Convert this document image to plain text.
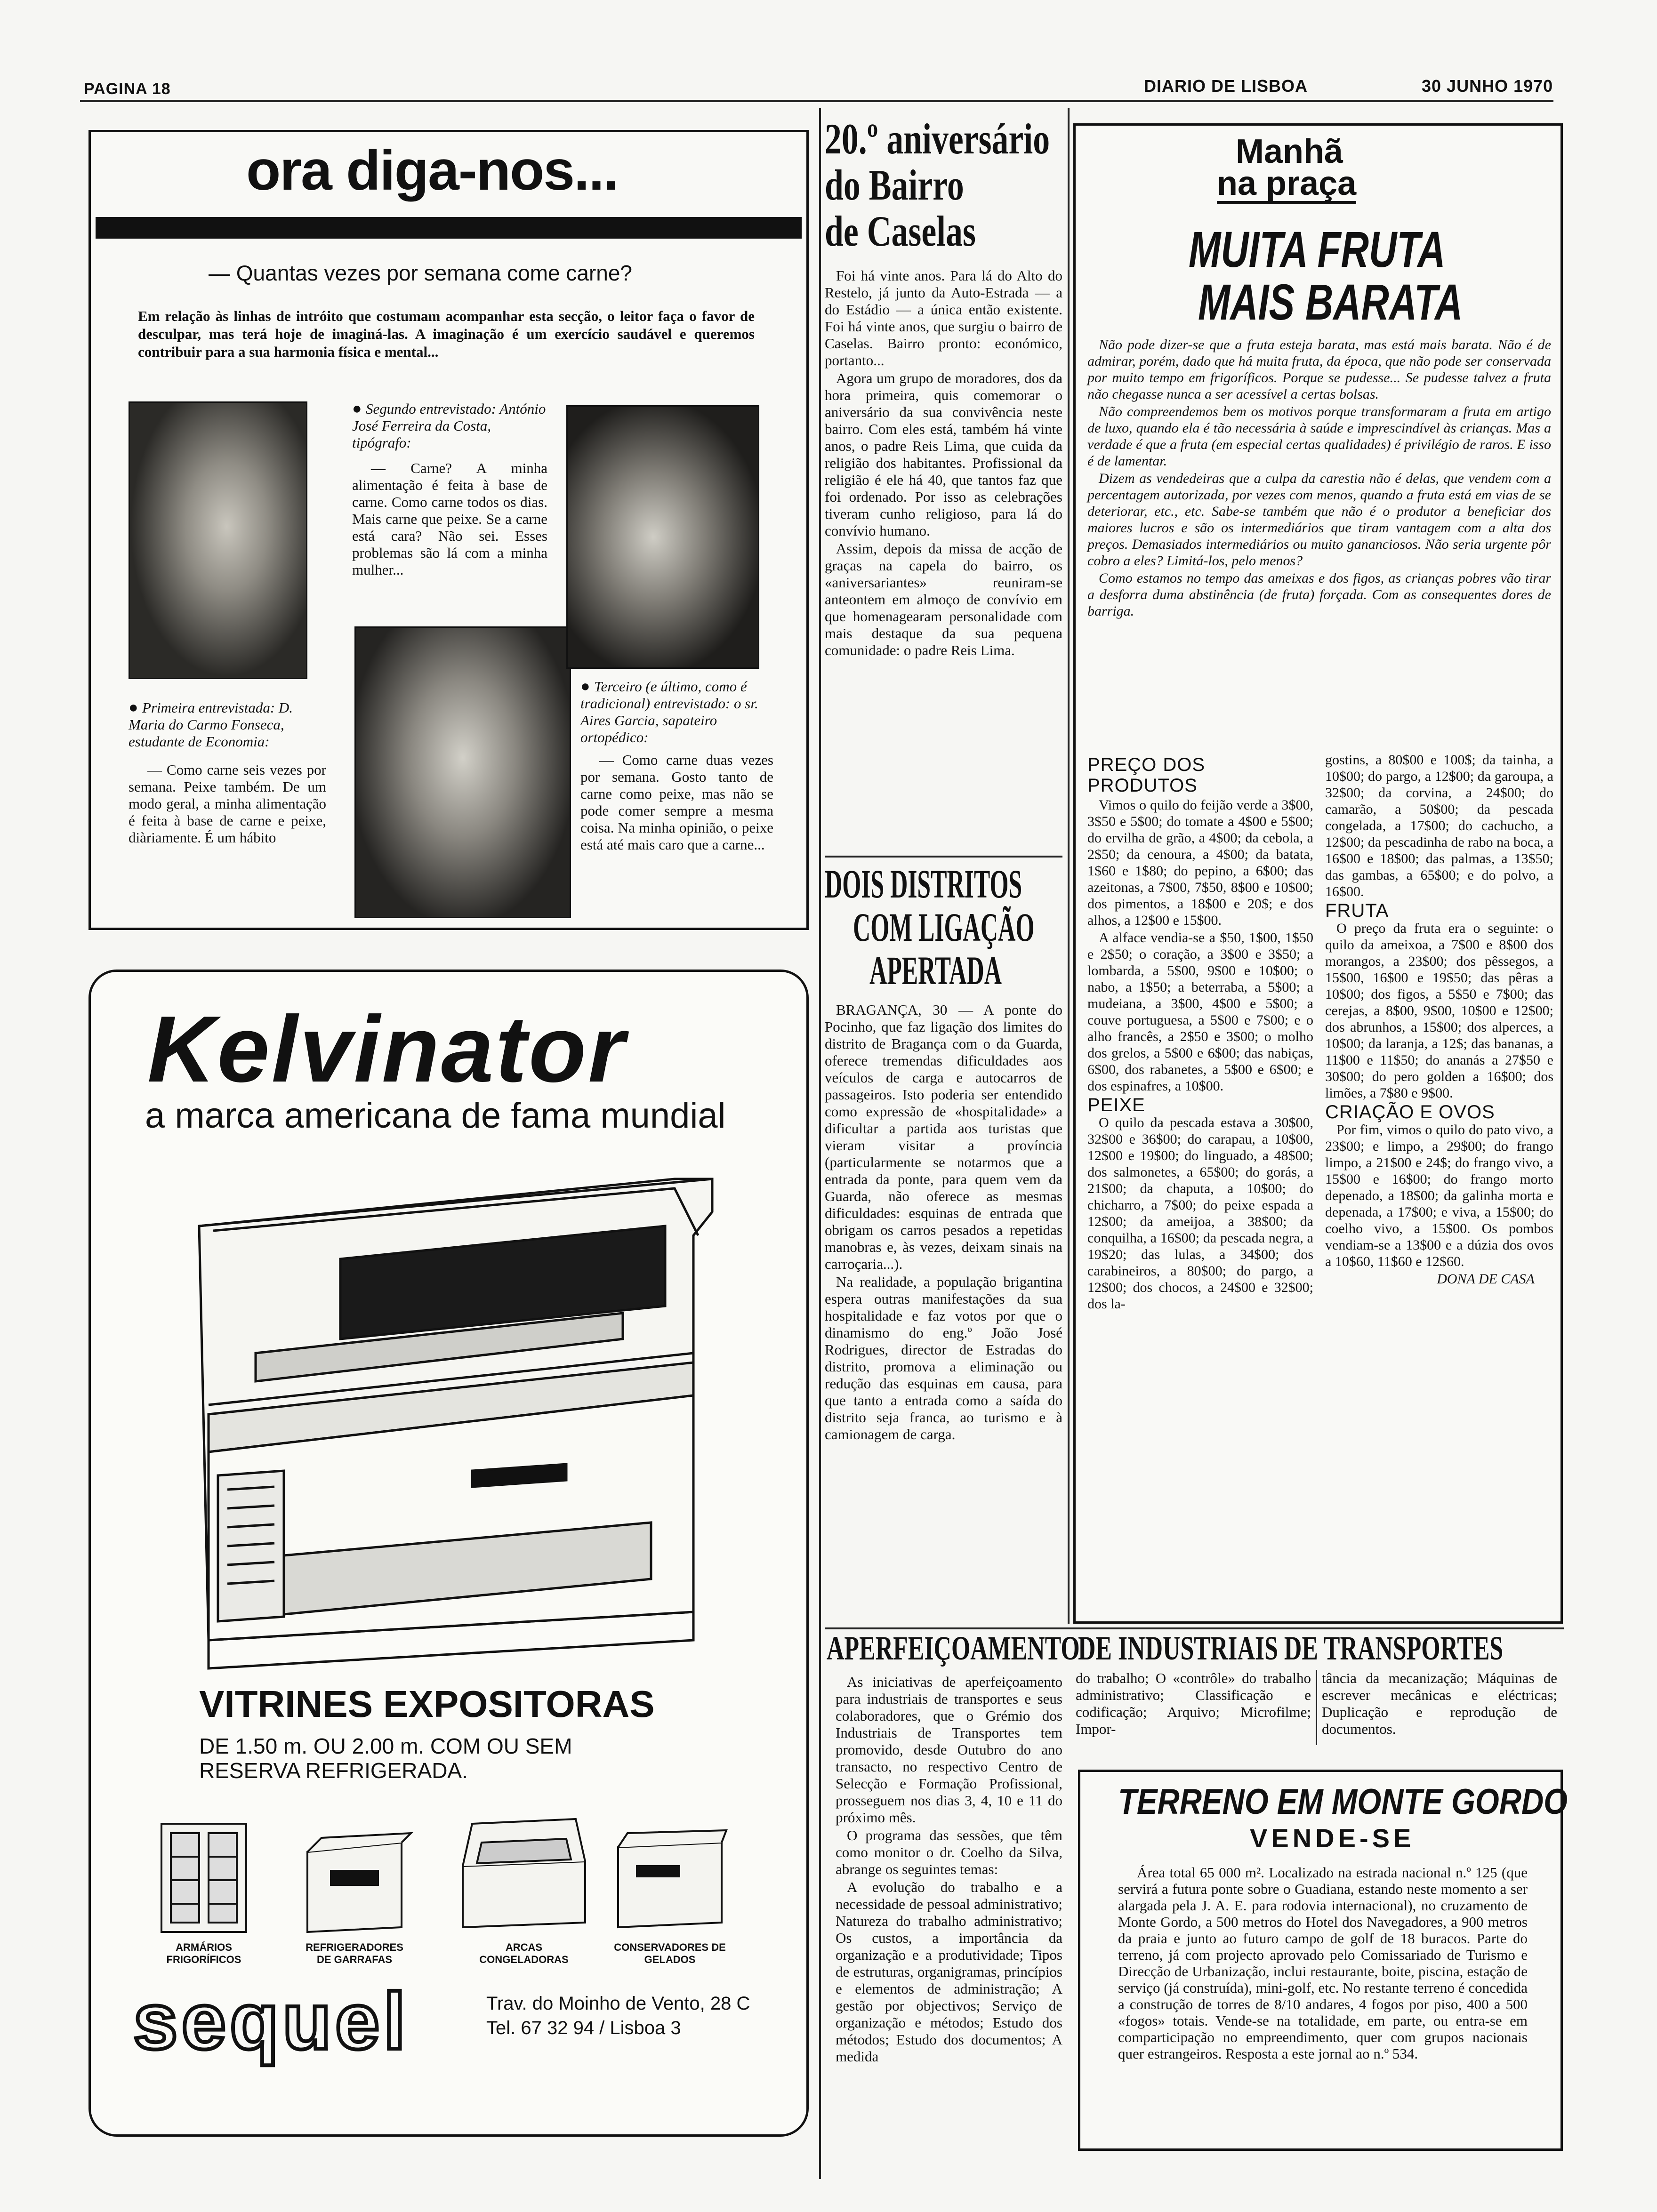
PAGINA 18	DIARIO DE LISBOA	30 JUNHO 1970
ora diga-nos...
— Quantas vezes por semana come carne?
Em relação às linhas de intróito que costumam acompanhar esta secção, o leitor faça o favor de desculpar, mas terá hoje de imaginá-las. A imaginação é um exercício saudável e queremos contribuir para a sua harmonia física e mental...

● Segundo entrevistado: António José Ferreira da Costa, tipógrafo:

— Carne? A minha alimentação é feita à base de carne. Como carne todos os dias. Mais carne que peixe. Se a carne está cara? Não sei. Esses problemas são lá com a minha mulher...

● Primeira entrevistada: D. Maria do Carmo Fonseca, estudante de Economia:

— Como carne seis vezes por semana. Peixe também. De um modo geral, a minha alimentação é feita à base de carne e peixe, diàriamente. É um hábito

● Terceiro (e último, como é tradicional) entrevistado: o sr. Aires Garcia, sapateiro ortopédico:

— Como carne duas vezes por semana. Gosto tanto de carne como peixe, mas não se pode comer sempre a mesma coisa. Na minha opinião, o peixe está até mais caro que a carne...

Kelvinator
a marca americana de fama mundial
VITRINES EXPOSITORAS
DE 1.50 m. OU 2.00 m. COM OU SEM
RESERVA REFRIGERADA.
ARMÁRIOS FRIGORÍFICOS
REFRIGERADORES DE GARRAFAS
ARCAS CONGELADORAS
CONSERVADORES DE GELADOS
sequel	Trav. do Moinho de Vento, 28 C
Tel. 67 32 94 / Lisboa 3
20.º aniversário
do Bairro
de Caselas

Foi há vinte anos. Para lá do Alto do Restelo, já junto da Auto-Estrada — a do Estádio — a única então existente. Foi há vinte anos, que surgiu o bairro de Caselas. Bairro pronto: económico, portanto...

Agora um grupo de moradores, dos da hora primeira, quis comemorar o aniversário da sua convivência neste bairro. Com eles está, também há vinte anos, o padre Reis Lima, que cuida da religião dos habitantes. Profissional da religião é ele há 40, que tantos faz que foi ordenado. Por isso as celebrações tiveram cunho religioso, para lá do convívio humano.

Assim, depois da missa de acção de graças na capela do bairro, os «aniversariantes» reuniram-se anteontem em almoço de convívio em que homenagearam personalidade com mais destaque da sua pequena comunidade: o padre Reis Lima.

DOIS DISTRITOS
COM LIGAÇÃO
APERTADA

BRAGANÇA, 30 — A ponte do Pocinho, que faz ligação dos limites do distrito de Bragança com o da Guarda, oferece tremendas dificuldades aos veículos de carga e autocarros de passageiros. Isto poderia ser entendido como expressão de «hospitalidade» a dificultar a partida aos turistas que vieram visitar a província (particularmente se notarmos que a entrada da ponte, para quem vem da Guarda, não oferece as mesmas dificuldades: esquinas de entrada que obrigam os carros pesados a repetidas manobras e, às vezes, deixam sinais na carroçaria...).

Na realidade, a população brigantina espera outras manifestações da sua hospitalidade e faz votos por que o dinamismo do eng.º João José Rodrigues, director de Estradas do distrito, promova a eliminação ou redução das esquinas em causa, para que tanto a entrada como a saída do distrito seja franca, ao turismo e à camionagem de carga.

Manhã
na praça
MUITA FRUTA
MAIS BARATA

Não pode dizer-se que a fruta esteja barata, mas está mais barata. Não é de admirar, porém, dado que há muita fruta, da época, que não pode ser conservada por muito tempo em frigoríficos. Porque se pudesse... Se pudesse talvez a fruta não chegasse nunca a ser acessível a certas bolsas.

Não compreendemos bem os motivos porque transformaram a fruta em artigo de luxo, quando ela é tão necessária à saúde e imprescindível às crianças. Mas a verdade é que a fruta (em especial certas qualidades) é privilégio de raros. E isso é de lamentar.

Dizem as vendedeiras que a culpa da carestia não é delas, que vendem com a percentagem autorizada, por vezes com menos, quando a fruta está em vias de se deteriorar, etc., etc. Sabe-se também que não é o produtor a beneficiar dos maiores lucros e são os intermediários que tiram vantagem com a alta dos preços. Demasiados intermediários ou muito gananciosos. Não seria urgente pôr cobro a eles? Limitá-los, pelo menos?

Como estamos no tempo das ameixas e dos figos, as crianças pobres vão tirar a desforra duma abstinência (de fruta) forçada. Com as consequentes dores de barriga.

PREÇO DOS PRODUTOS

Vimos o quilo do feijão verde a 3$00, 3$50 e 5$00; do tomate a 4$00 e 5$00; do ervilha de grão, a 4$00; da cebola, a 2$50; da cenoura, a 4$00; da batata, 1$60 e 1$80; do pepino, a 6$00; das azeitonas, a 7$00, 7$50, 8$00 e 10$00; dos pimentos, a 18$00 e 20$; e dos alhos, a 12$00 e 15$00.

A alface vendia-se a $50, 1$00, 1$50 e 2$50; o coração, a 3$00 e 3$50; a lombarda, a 5$00, 9$00 e 10$00; o nabo, a 1$50; a beterraba, a 5$00; a mudeiana, a 3$00, 4$00 e 5$00; a couve portuguesa, a 5$00 e 7$00; e o alho francês, a 2$50 e 3$00; o molho dos grelos, a 5$00 e 6$00; das nabiças, 6$00, dos rabanetes, a 5$00 e 6$00; e dos espinafres, a 10$00.

PEIXE

O quilo da pescada estava a 30$00, 32$00 e 36$00; do carapau, a 10$00, 12$00 e 19$00; do linguado, a 48$00; dos salmonetes, a 65$00; do gorás, a 21$00; da chaputa, a 10$00; do chicharro, a 7$00; do peixe espada a 12$00; da ameijoa, a 38$00; da conquilha, a 16$00; da pescada negra, a 19$20; das lulas, a 34$00; dos carabineiros, a 80$00; do pargo, a 12$00; dos chocos, a 24$00 e 32$00; dos la-

gostins, a 80$00 e 100$; da tainha, a 10$00; do pargo, a 12$00; da garoupa, a 32$00; da corvina, a 24$00; do camarão, a 50$00; da pescada congelada, a 17$00; do cachucho, a 12$00; da pescadinha de rabo na boca, a 16$00 e 18$00; das palmas, a 13$50; das gambas, a 65$00; e do polvo, a 16$00.

FRUTA

O preço da fruta era o seguinte: o quilo da ameixoa, a 7$00 e 8$00 dos morangos, a 23$00; dos pêssegos, a 15$00, 16$00 e 19$50; das pêras a 10$00; dos figos, a 5$50 e 7$00; das cerejas, a 8$00, 9$00, 10$00 e 12$00; dos abrunhos, a 15$00; dos alperces, a 10$00; da laranja, a 12$; das bananas, a 11$00 e 11$50; do ananás a 27$50 e 30$00; do pero golden a 16$00; dos limões, a 7$80 e 9$00.

CRIAÇÃO E OVOS

Por fim, vimos o quilo do pato vivo, a 23$00; e limpo, a 29$00; do frango limpo, a 21$00 e 24$; do frango vivo, a 15$00 e 16$00; do frango morto depenado, a 18$00; da galinha morta e depenada, a 17$00; e viva, a 15$00; do coelho vivo, a 15$00. Os pombos vendiam-se a 13$00 e a dúzia dos ovos a 10$60, 11$60 e 12$60.

DONA DE CASA

APERFEIÇOAMENTO
DE INDUSTRIAIS DE TRANSPORTES

As iniciativas de aperfeiçoamento para industriais de transportes e seus colaboradores, que o Grémio dos Industriais de Transportes tem promovido, desde Outubro do ano transacto, no respectivo Centro de Selecção e Formação Profissional, prosseguem nos dias 3, 4, 10 e 11 do próximo mês.

O programa das sessões, que têm como monitor o dr. Coelho da Silva, abrange os seguintes temas:

A evolução do trabalho e a necessidade de pessoal administrativo; Natureza do trabalho administrativo; Os custos, a importância da organização e a produtividade; Tipos de estruturas, organigramas, princípios e elementos de administração; A gestão por objectivos; Serviço de organização e métodos; Estudo dos métodos; Estudo dos documentos; A medida

do trabalho; O «contrôle» do trabalho administrativo; Classificação e codificação; Arquivo; Microfilme; Impor-
tância da mecanização; Máquinas de escrever mecânicas e eléctricas; Duplicação e reprodução de documentos.
TERRENO EM MONTE GORDO
VENDE-SE
Área total 65 000 m². Localizado na estrada nacional n.º 125 (que servirá a futura ponte sobre o Guadiana, estando neste momento a ser alargada pela J. A. E. para rodovia internacional), no cruzamento de Monte Gordo, a 500 metros do Hotel dos Navegadores, a 900 metros da praia e junto ao futuro campo de golf de 18 buracos. Parte do terreno, já com projecto aprovado pelo Comissariado de Turismo e Direcção de Urbanização, inclui restaurante, boite, piscina, estação de serviço (já construída), mini-golf, etc. No restante terreno é concedida a construção de torres de 8/10 andares, 4 fogos por piso, 400 a 500 «fogos» totais. Vende-se na totalidade, em parte, ou entra-se em comparticipação no empreendimento, quer com grupos nacionais quer estrangeiros. Resposta a este jornal ao n.º 534.
